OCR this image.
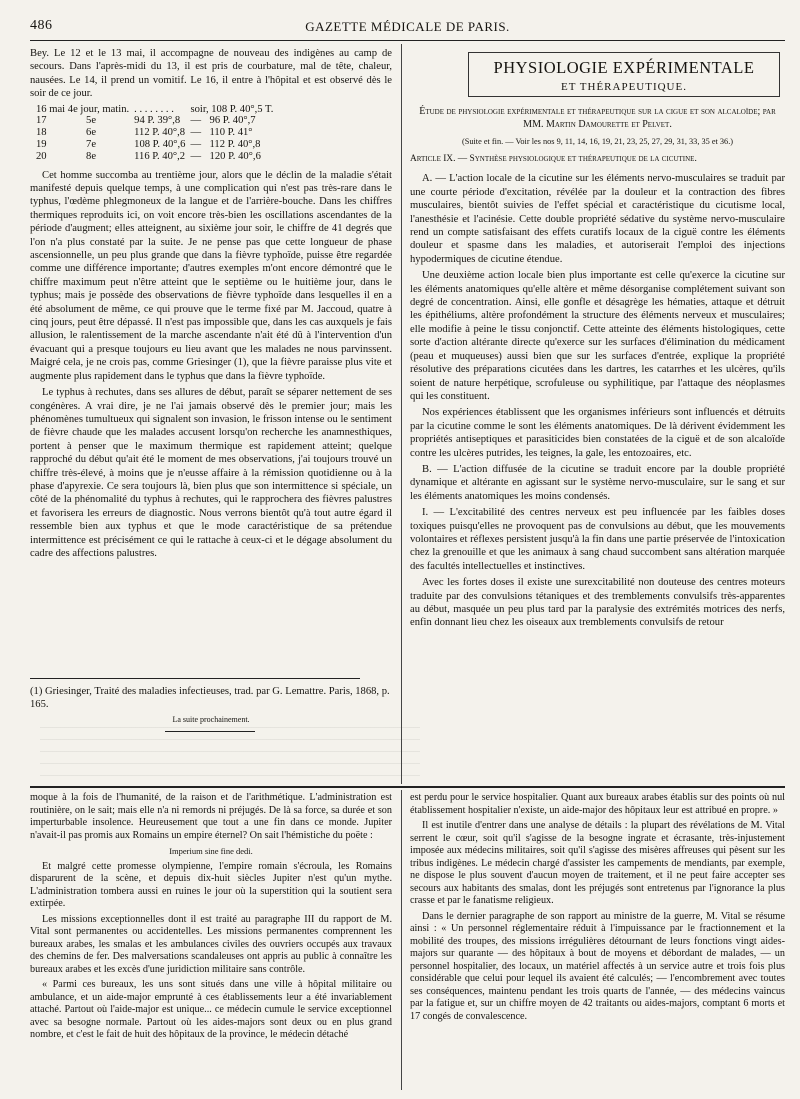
486	GAZETTE MÉDICALE DE PARIS.

Bey. Le 12 et le 13 mai, il accompagne de nouveau des indigènes au camp de secours. Dans l'après-midi du 13, il est pris de courbature, mal de tête, chaleur, nausées. Le 14, il prend un vomitif. Le 16, il entre à l'hôpital et est observé dès le soir de ce jour.

16 mai 4e jour, matin.		. . . . . . . .	soir, 108 P. 40°,5 T.	
17	5e	94 P. 39°,8	—	96 P. 40°,7
18	6e	112 P. 40°,8	—	110 P. 41°
19	7e	108 P. 40°,6	—	112 P. 40°,8
20	8e	116 P. 40°,2	—	120 P. 40°,6

Cet homme succomba au trentième jour, alors que le déclin de la maladie s'était manifesté depuis quelque temps, à une complication qui n'est pas très-rare dans le typhus, l'œdème phlegmoneux de la langue et de l'arrière-bouche. Dans les chiffres thermiques reproduits ici, on voit encore très-bien les oscillations ascendantes de la période d'augment; elles atteignent, au sixième jour soir, le chiffre de 41 degrés que l'on n'a plus constaté par la suite. Je ne pense pas que cette longueur de phase ascensionnelle, un peu plus grande que dans la fièvre typhoïde, puisse être regardée comme une différence importante; d'autres exemples m'ont encore démontré que le chiffre maximum peut n'être atteint que le septième ou le huitième jour, dans le typhus; mais je possède des observations de fièvre typhoïde dans lesquelles il en a été absolument de même, ce qui prouve que le terme fixé par M. Jaccoud, quatre à cinq jours, peut être dépassé. Il n'est pas impossible que, dans les cas auxquels je fais allusion, le ralentissement de la marche ascendante n'ait été dû à l'intervention d'un évacuant qui a presque toujours eu lieu avant que les malades ne nous parvinssent. Maigré cela, je ne crois pas, comme Griesinger (1), que la fièvre paraisse plus vite et augmente plus rapidement dans le typhus que dans la fièvre typhoïde.

Le typhus à rechutes, dans ses allures de début, paraît se séparer nettement de ses congénères. A vrai dire, je ne l'ai jamais observé dès le premier jour; mais les phénomènes tumultueux qui signalent son invasion, le frisson intense ou le sentiment de fièvre chaude que les malades accusent lorsqu'on recherche les anamnesthiques, portent à penser que le maximum thermique est rapidement atteint; quelque rapproché du début qu'ait été le moment de mes observations, j'ai toujours trouvé un chiffre très-élevé, à moins que je n'eusse affaire à la rémission quotidienne ou à la phase d'apyrexie. Ce sera toujours là, bien plus que son intermittence si spéciale, un côté de la phénomalité du typhus à rechutes, qui le rapprochera des fièvres palustres et favorisera les erreurs de diagnostic. Nous verrons bientôt qu'à tout autre égard il ressemble bien aux typhus et que le mode caractéristique de sa prétendue intermittence est précisément ce qui le rattache à ceux-ci et le dégage absolument du cadre des affections palustres.

(1) Griesinger, Traité des maladies infectieuses, trad. par G. Lemattre. Paris, 1868, p. 165.
La suite prochainement.
PHYSIOLOGIE EXPÉRIMENTALE
ET THÉRAPEUTIQUE.

Étude de physiologie expérimentale et thérapeutique sur la cigue et son alcaloïde; par MM. Martin Damourette et Pelvet.

(Suite et fin. — Voir les nos 9, 11, 14, 16, 19, 21, 23, 25, 27, 29, 31, 33, 35 et 36.)

Article IX. — Synthèse physiologique et thérapeutique de la cicutine.

A. — L'action locale de la cicutine sur les éléments nervo-musculaires se traduit par une courte période d'excitation, révélée par la douleur et la contraction des fibres musculaires, bientôt suivies de l'effet spécial et caractéristique du cicutisme local, l'anesthésie et l'acinésie. Cette double propriété sédative du système nervo-musculaire rend un compte satisfaisant des effets curatifs locaux de la ciguë contre les éléments douleur et spasme dans les maladies, et autoriserait l'emploi des injections hypodermiques de cicutine étendue.

Une deuxième action locale bien plus importante est celle qu'exerce la cicutine sur les éléments anatomiques qu'elle altère et même désorganise complétement suivant son degré de concentration. Ainsi, elle gonfle et désagrège les hématies, attaque et détruit les épithéliums, altère profondément la structure des éléments nerveux et musculaires; elle modifie à peine le tissu conjonctif. Cette atteinte des éléments histologiques, cette sorte d'action altérante directe qu'exerce sur les surfaces d'élimination du médicament (peau et muqueuses) aussi bien que sur les surfaces d'entrée, explique la propriété résolutive des préparations cicutées dans les dartres, les catarrhes et les ulcères, qu'ils soient de nature herpétique, scrofuleuse ou syphilitique, par l'attaque des néoplasmes qui les constituent.

Nos expériences établissent que les organismes inférieurs sont influencés et détruits par la cicutine comme le sont les éléments anatomiques. De là dérivent évidemment les propriétés antiseptiques et parasiticides bien constatées de la ciguë et de son alcaloïde contre les ulcères putrides, les teignes, la gale, les entozoaires, etc.

B. — L'action diffusée de la cicutine se traduit encore par la double propriété dynamique et altérante en agissant sur le système nervo-musculaire, sur le sang et sur les éléments anatomiques les moins condensés.

I. — L'excitabilité des centres nerveux est peu influencée par les faibles doses toxiques puisqu'elles ne provoquent pas de convulsions au début, que les mouvements volontaires et réflexes persistent jusqu'à la fin dans une partie préservée de l'intoxication chez la grenouille et que les animaux à sang chaud succombent sans altération marquée des facultés intellectuelles et instinctives.

Avec les fortes doses il existe une surexcitabilité non douteuse des centres moteurs traduite par des convulsions tétaniques et des tremblements convulsifs très-apparentes au début, masquée un peu plus tard par la paralysie des extrémités motrices des nerfs, enfin donnant lieu chez les oiseaux aux tremblements convulsifs de retour

moque à la fois de l'humanité, de la raison et de l'arithmétique. L'administration est routinière, on le sait; mais elle n'a ni remords ni préjugés. De là sa force, sa durée et son imperturbable insolence. Heureusement que tout a une fin dans ce monde. Jupiter n'avait-il pas promis aux Romains un empire éternel? On sait l'hémistiche du poëte :

Imperium sine fine dedi.

Et malgré cette promesse olympienne, l'empire romain s'écroula, les Romains disparurent de la scène, et depuis dix-huit siècles Jupiter n'est qu'un mythe. L'administration tombera aussi en ruines le jour où la superstition qui la soutient sera extirpée.

Les missions exceptionnelles dont il est traité au paragraphe III du rapport de M. Vital sont permanentes ou accidentelles. Les missions permanentes comprennent les bureaux arabes, les smalas et les ambulances civiles des ouvriers occupés aux travaux des chemins de fer. Des malversations scandaleuses ont appris au public à connaître les bureaux arabes et les excès d'une juridiction militaire sans contrôle.

« Parmi ces bureaux, les uns sont situés dans une ville à hôpital militaire ou ambulance, et un aide-major emprunté à ces établissements leur a été invariablement attaché. Partout où l'aide-major est unique... ce médecin cumule le service exceptionnel avec sa besogne normale. Partout où les aides-majors sont deux ou en plus grand nombre, et c'est le fait de huit des hôpitaux de la province, le médecin détaché

est perdu pour le service hospitalier. Quant aux bureaux arabes établis sur des points où nul établissement hospitalier n'existe, un aide-major des hôpitaux leur est attribué en propre. »

Il est inutile d'entrer dans une analyse de détails : la plupart des révélations de M. Vital serrent le cœur, soit qu'il s'agisse de la besogne ingrate et écrasante, très-injustement imposée aux médecins militaires, soit qu'il s'agisse des misères affreuses qui pèsent sur les tribus indigènes. Le médecin chargé d'assister les campements de mendiants, par exemple, ne dispose le plus souvent d'aucun moyen de traitement, et il ne peut faire accepter ses secours aux habitants des smalas, dont les préjugés sont entretenus par l'ignorance la plus crasse et par le fanatisme religieux.

Dans le dernier paragraphe de son rapport au ministre de la guerre, M. Vital se résume ainsi : « Un personnel réglementaire réduit à l'impuissance par le fractionnement et la mobilité des troupes, des missions irrégulières détournant de leurs fonctions vingt aides-majors sur quarante — des hôpitaux à bout de moyens et débordant de malades, — un personnel hospitalier, des locaux, un matériel affectés à un service autre et trois fois plus considérable que celui pour lequel ils avaient été calculés; — l'encombrement avec toutes ses conséquences, maintenu pendant les trois quarts de l'année, — des médecins vaincus par la fatigue et, sur un chiffre moyen de 42 traitants ou aides-majors, comptant 6 morts et 17 congés de convalescence.
